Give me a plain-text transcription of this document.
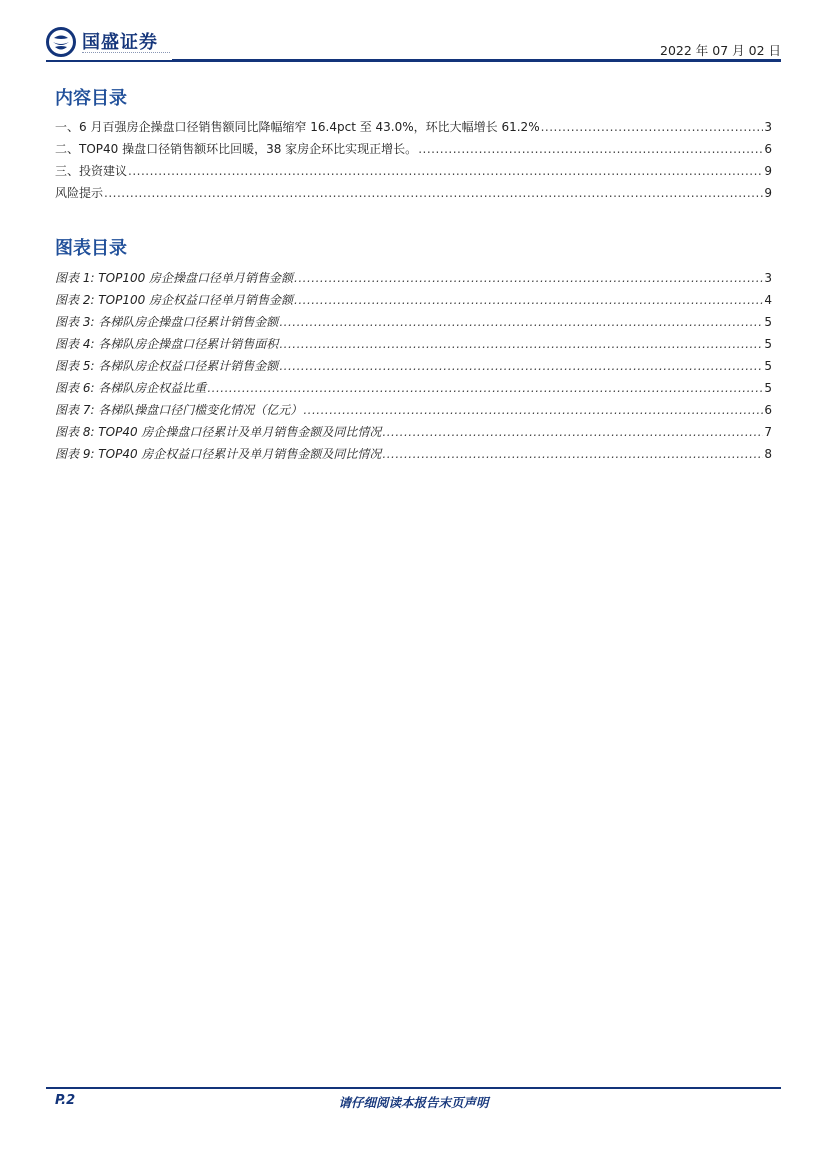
国盛证券	2022 年 07 月 02 日
内容目录
一、6 月百强房企操盘口径销售额同比降幅缩窄 16.4pct 至 43.0%，环比大幅增长 61.2% .....	3
二、TOP40 操盘口径销售额环比回暖，38 家房企环比实现正增长。 .....	6
三、投资建议 .....	9
风险提示 .....	9
图表目录
图表 1: TOP100 房企操盘口径单月销售金额 .....	3
图表 2: TOP100 房企权益口径单月销售金额 .....	4
图表 3: 各梯队房企操盘口径累计销售金额 .....	5
图表 4: 各梯队房企操盘口径累计销售面积 .....	5
图表 5: 各梯队房企权益口径累计销售金额 .....	5
图表 6: 各梯队房企权益比重 .....	5
图表 7: 各梯队操盘口径门槛变化情况（亿元） .....	6
图表 8: TOP40 房企操盘口径累计及单月销售金额及同比情况 .....	7
图表 9: TOP40 房企权益口径累计及单月销售金额及同比情况 .....	8
P.2	请仔细阅读本报告末页声明
